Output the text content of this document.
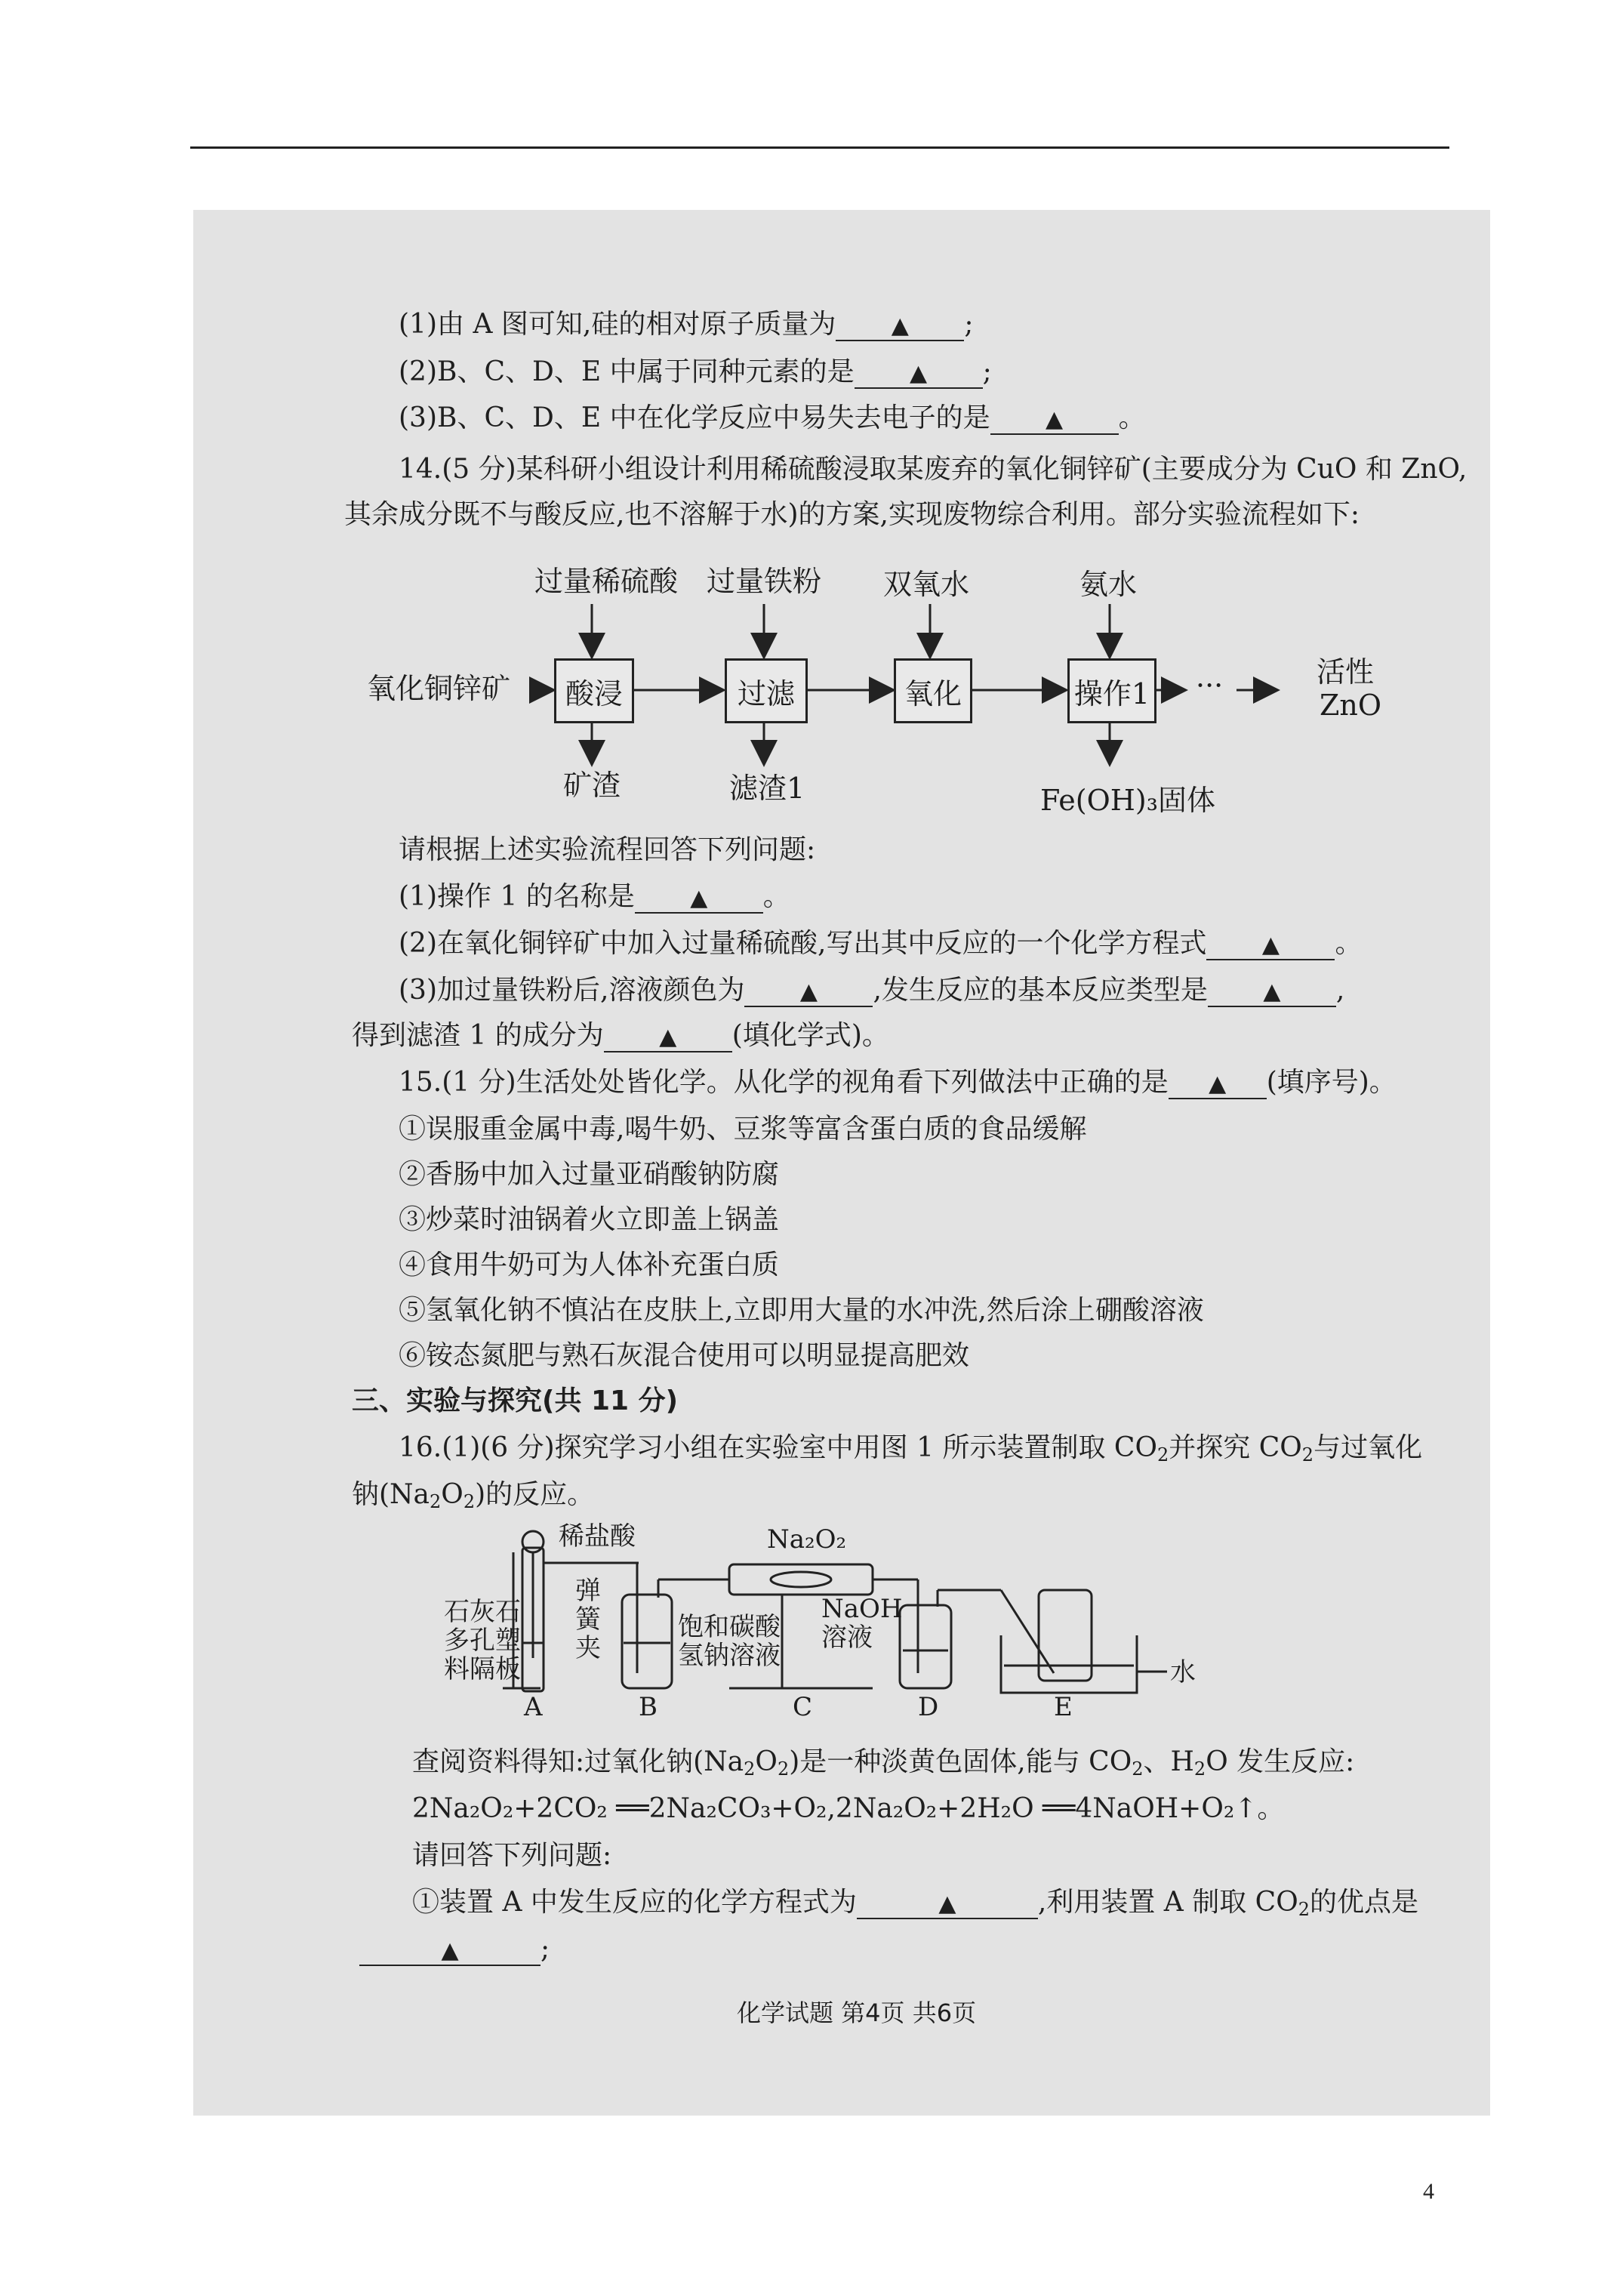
(1)由 A 图可知,硅的相对原子质量为 ▲ ;
(2)B、C、D、E 中属于同种元素的是 ▲ ;
(3)B、C、D、E 中在化学反应中易失去电子的是 ▲ 。
14.(5 分)某科研小组设计利用稀硫酸浸取某废弃的氧化铜锌矿(主要成分为 CuO 和 ZnO,
其余成分既不与酸反应,也不溶解于水)的方案,实现废物综合利用。部分实验流程如下:
过量稀硫酸 过量铁粉 双氧水	氨水
氧化铜锌矿	酸浸	过滤	氧化	操作1 ···	活性
ZnO
矿渣	滤渣1	Fe(OH)₃固体
请根据上述实验流程回答下列问题:
(1)操作 1 的名称是 ▲ 。
(2)在氧化铜锌矿中加入过量稀硫酸,写出其中反应的一个化学方程式 ▲ 。
(3)加过量铁粉后,溶液颜色为 ▲ ,发生反应的基本反应类型是 ▲ ,
得到滤渣 1 的成分为 ▲ (填化学式)。
15.(1 分)生活处处皆化学。从化学的视角看下列做法中正确的是 ▲ (填序号)。
①误服重金属中毒,喝牛奶、豆浆等富含蛋白质的食品缓解
②香肠中加入过量亚硝酸钠防腐
③炒菜时油锅着火立即盖上锅盖
④食用牛奶可为人体补充蛋白质
⑤氢氧化钠不慎沾在皮肤上,立即用大量的水冲洗,然后涂上硼酸溶液
⑥铵态氮肥与熟石灰混合使用可以明显提高肥效
三、实验与探究(共 11 分)
16.(1)(6 分)探究学习小组在实验室中用图 1 所示装置制取 $CO_2$并探究 $CO_2$与过氧化
钠$(Na_2O_2)$的反应。
稀盐酸	Na₂O₂
石灰石
多孔塑
料隔板
弹
簧
夹
饱和碳酸
氢钠溶液
NaOH
溶液
水
A	B	C	D	E
查阅资料得知:过氧化钠$(Na_2O_2)$是一种淡黄色固体,能与 $CO_2$、$H_2O$ 发生反应:
2Na₂O₂+2CO₂ ══2Na₂CO₃+O₂,2Na₂O₂+2H₂O ══4NaOH+O₂↑。
请回答下列问题:
①装置 A 中发生反应的化学方程式为	▲	,利用装置 A 制取 $CO_2$的优点是
▲	;
化学试题 第4页 共6页
4
